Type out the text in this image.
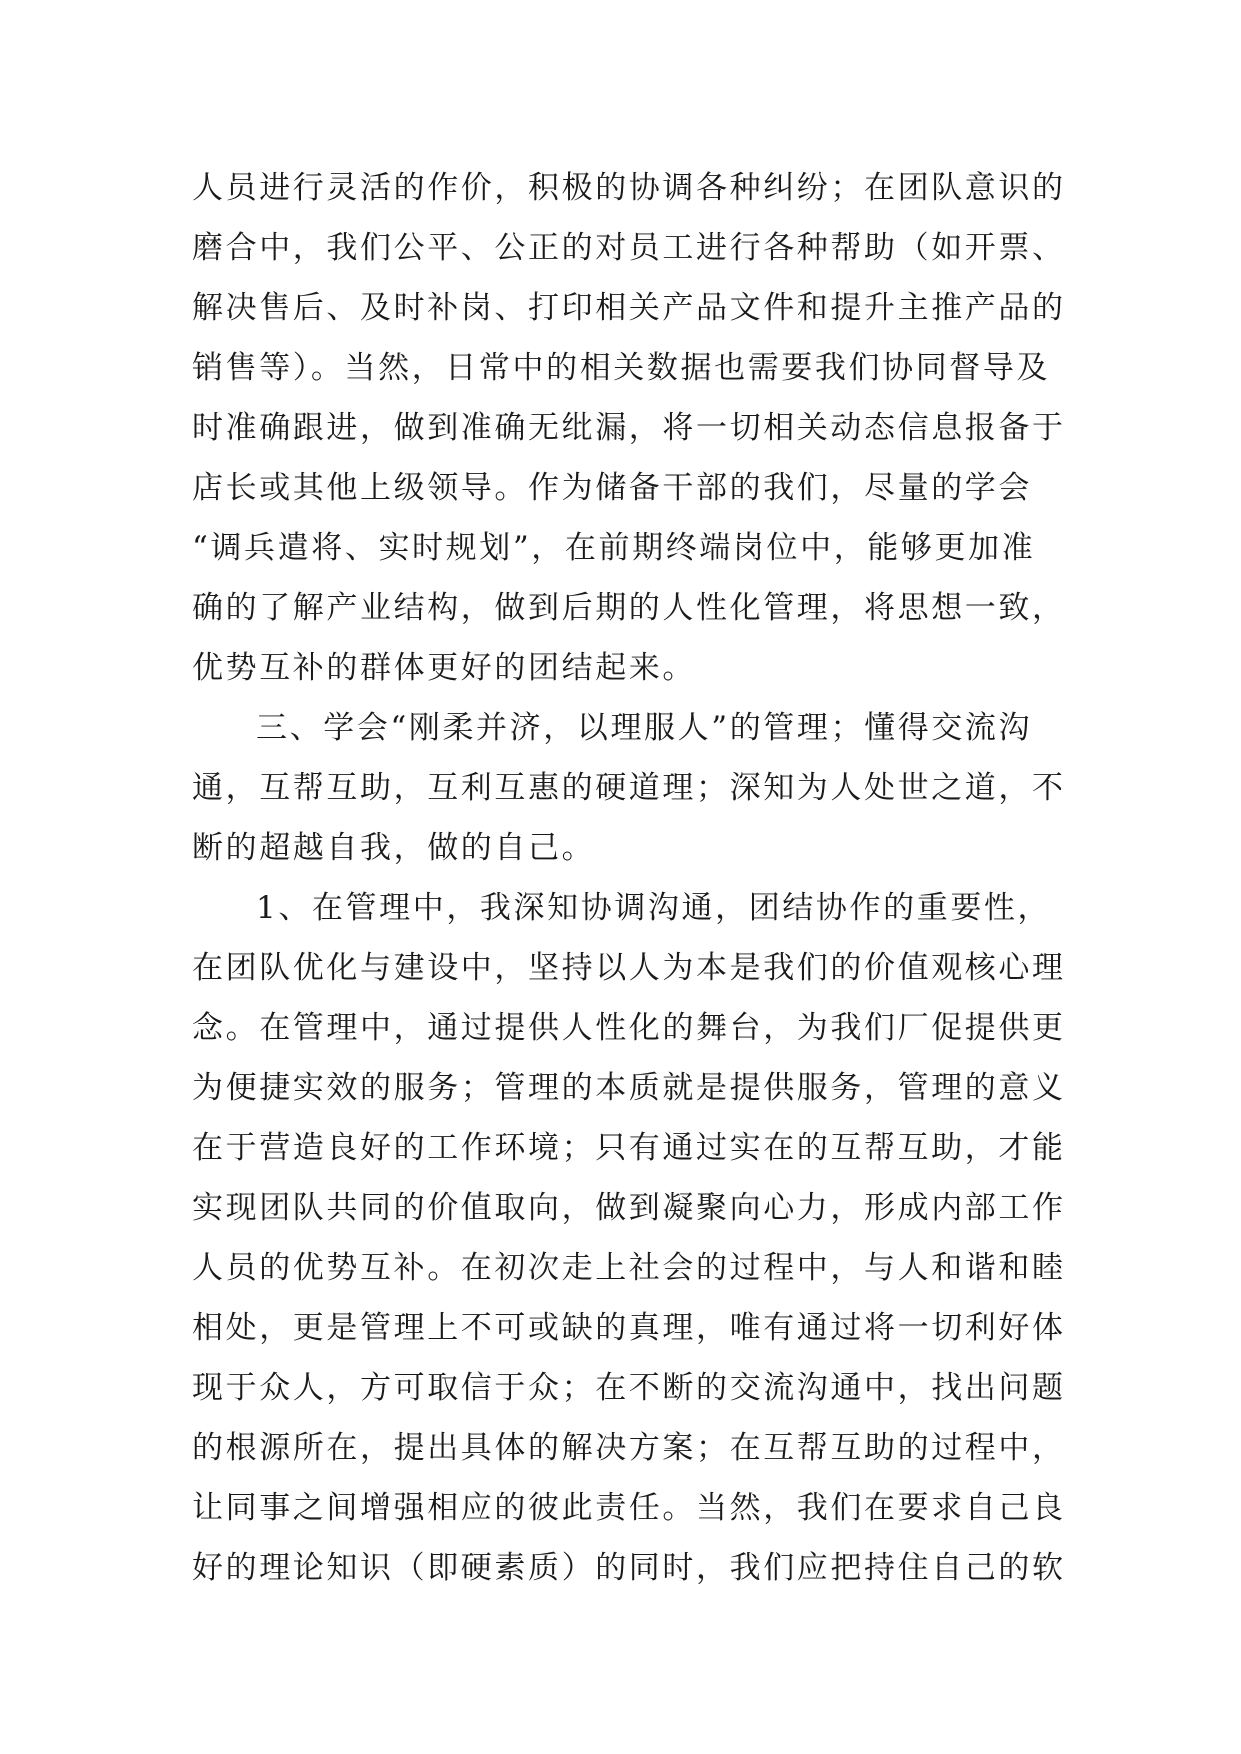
人员进行灵活的作价，积极的协调各种纠纷；在团队意识的
磨合中，我们公平、公正的对员工进行各种帮助（如开票、
解决售后、及时补岗、打印相关产品文件和提升主推产品的
销售等）。当然，日常中的相关数据也需要我们协同督导及
时准确跟进，做到准确无纰漏，将一切相关动态信息报备于
店长或其他上级领导。作为储备干部的我们，尽量的学会
“调兵遣将、实时规划”，在前期终端岗位中，能够更加准
确的了解产业结构，做到后期的人性化管理，将思想一致，
优势互补的群体更好的团结起来。
三、学会“刚柔并济，以理服人”的管理；懂得交流沟
通，互帮互助，互利互惠的硬道理；深知为人处世之道，不
断的超越自我，做的自己。
1、在管理中，我深知协调沟通，团结协作的重要性，
在团队优化与建设中，坚持以人为本是我们的价值观核心理
念。在管理中，通过提供人性化的舞台，为我们厂促提供更
为便捷实效的服务；管理的本质就是提供服务，管理的意义
在于营造良好的工作环境；只有通过实在的互帮互助，才能
实现团队共同的价值取向，做到凝聚向心力，形成内部工作
人员的优势互补。在初次走上社会的过程中，与人和谐和睦
相处，更是管理上不可或缺的真理，唯有通过将一切利好体
现于众人，方可取信于众；在不断的交流沟通中，找出问题
的根源所在，提出具体的解决方案；在互帮互助的过程中，
让同事之间增强相应的彼此责任。当然，我们在要求自己良
好的理论知识（即硬素质）的同时，我们应把持住自己的软
